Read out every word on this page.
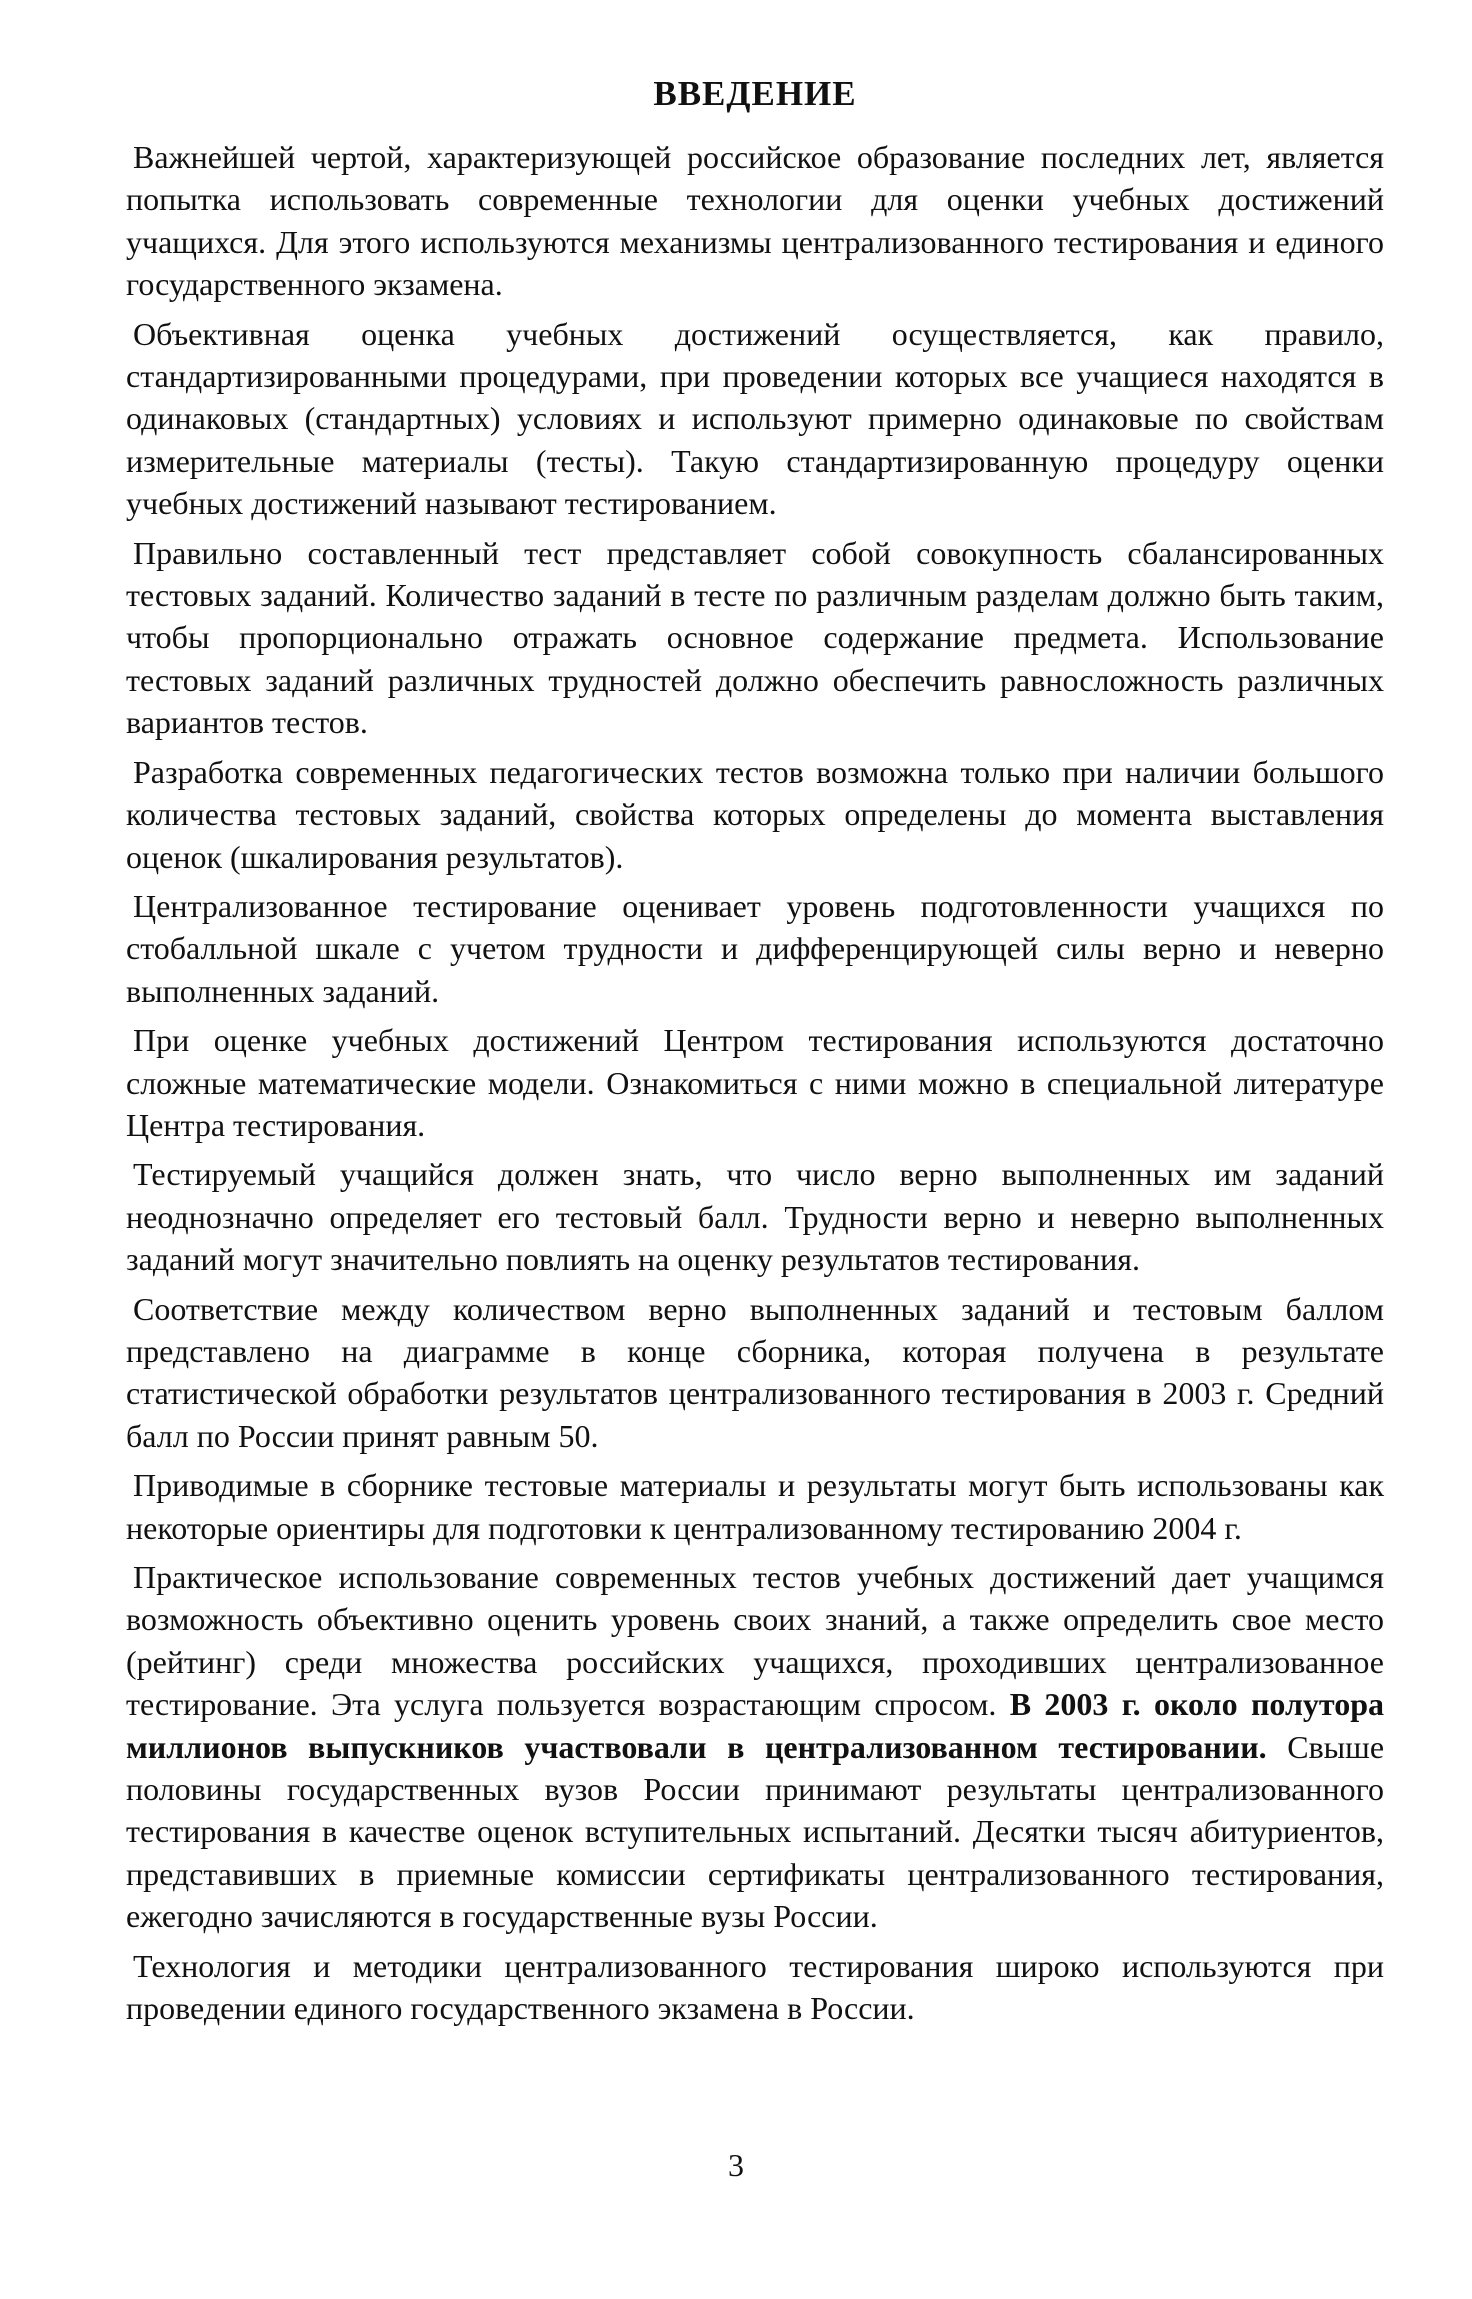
ВВЕДЕНИЕ

Важнейшей чертой, характеризующей российское образование последних лет, является попытка использовать современные технологии для оценки учебных достижений учащихся. Для этого используются механизмы централизованного тестирования и единого государственного экзамена.

Объективная оценка учебных достижений осуществляется, как правило, стандартизированными процедурами, при проведении которых все учащиеся находятся в одинаковых (стандартных) условиях и используют примерно одинаковые по свойствам измерительные материалы (тесты). Такую стандартизированную процедуру оценки учебных достижений называют тестированием.

Правильно составленный тест представляет собой совокупность сбалансированных тестовых заданий. Количество заданий в тесте по различным разделам должно быть таким, чтобы пропорционально отражать основное содержание предмета. Использование тестовых заданий различных трудностей должно обеспечить равносложность различных вариантов тестов.

Разработка современных педагогических тестов возможна только при наличии большого количества тестовых заданий, свойства которых определены до момента выставления оценок (шкалирования результатов).

Централизованное тестирование оценивает уровень подготовленности учащихся по стобалльной шкале с учетом трудности и дифференцирующей силы верно и неверно выполненных заданий.

При оценке учебных достижений Центром тестирования используются достаточно сложные математические модели. Ознакомиться с ними можно в специальной литературе Центра тестирования.

Тестируемый учащийся должен знать, что число верно выполненных им заданий неоднозначно определяет его тестовый балл. Трудности верно и неверно выполненных заданий могут значительно повлиять на оценку результатов тестирования.

Соответствие между количеством верно выполненных заданий и тестовым баллом представлено на диаграмме в конце сборника, которая получена в результате статистической обработки результатов централизованного тестирования в 2003 г. Средний балл по России принят равным 50.

Приводимые в сборнике тестовые материалы и результаты могут быть использованы как некоторые ориентиры для подготовки к централизованному тестированию 2004 г.

Практическое использование современных тестов учебных достижений дает учащимся возможность объективно оценить уровень своих знаний, а также определить свое место (рейтинг) среди множества российских учащихся, проходивших централизованное тестирование. Эта услуга пользуется возрастающим спросом. В 2003 г. около полутора миллионов выпускников участвовали в централизованном тестировании. Свыше половины государственных вузов России принимают результаты централизованного тестирования в качестве оценок вступительных испытаний. Десятки тысяч абитуриентов, представивших в приемные комиссии сертификаты централизованного тестирования, ежегодно зачисляются в государственные вузы России.

Технология и методики централизованного тестирования широко используются при проведении единого государственного экзамена в России.

3
